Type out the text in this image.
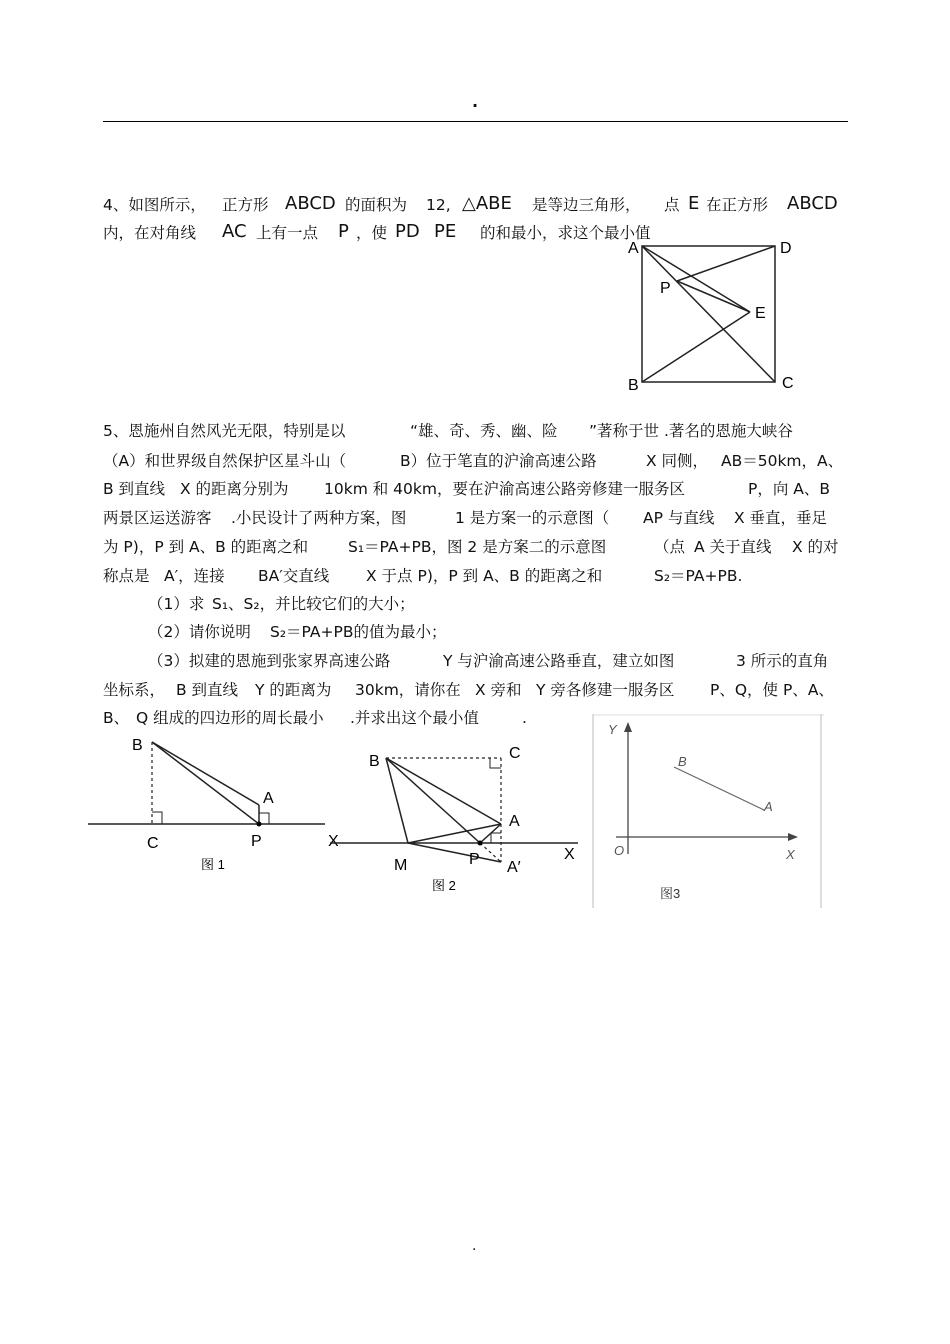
.
4、如图所示， 正方形 ABCD 的面积为 12, △ABE 是等边三角形， 点 E 在正方形 ABCD
内，在对角线 AC 上有一点 P ，使 PD PE 的和最小，求这个最小值
A	D
P
E
B	C
5、恩施州自然风光无限，特别是以	“雄、奇、秀、幽、险 ”著称于世 .著名的恩施大峡谷
（A）和世界级自然保护区星斗山（	B）位于笔直的沪渝高速公路	X 同侧， AB＝50km，A、
B 到直线 X 的距离分别为 10km 和 40km，要在沪渝高速公路旁修建一服务区	P，向 A、B
两景区运送游客 .小民设计了两种方案，图	1 是方案一的示意图（ AP 与直线 X 垂直，垂足
为 P)，P 到 A、B 的距离之和	S₁＝PA+PB，图 2 是方案二的示意图	（点 A 关于直线 X 的对
称点是 A′，连接 BA′交直线 X 于点 P)，P 到 A、B 的距离之和	S₂＝PA+PB.
（1）求 S₁、S₂，并比较它们的大小；
（2）请你说明 S₂＝PA+PB的值为最小；
（3）拟建的恩施到张家界高速公路	Y 与沪渝高速公路垂直，建立如图	3 所示的直角
坐标系， B 到直线 Y 的距离为 30km，请你在 X 旁和 Y 旁各修建一服务区 P、Q，使 P、A、
B、 Q 组成的四边形的周长最小 .并求出这个最小值	.
B
A
C	P	X
图 1
B	C
A
M	P A′
X
图 2
Y
B
A
O	X
图3
.
